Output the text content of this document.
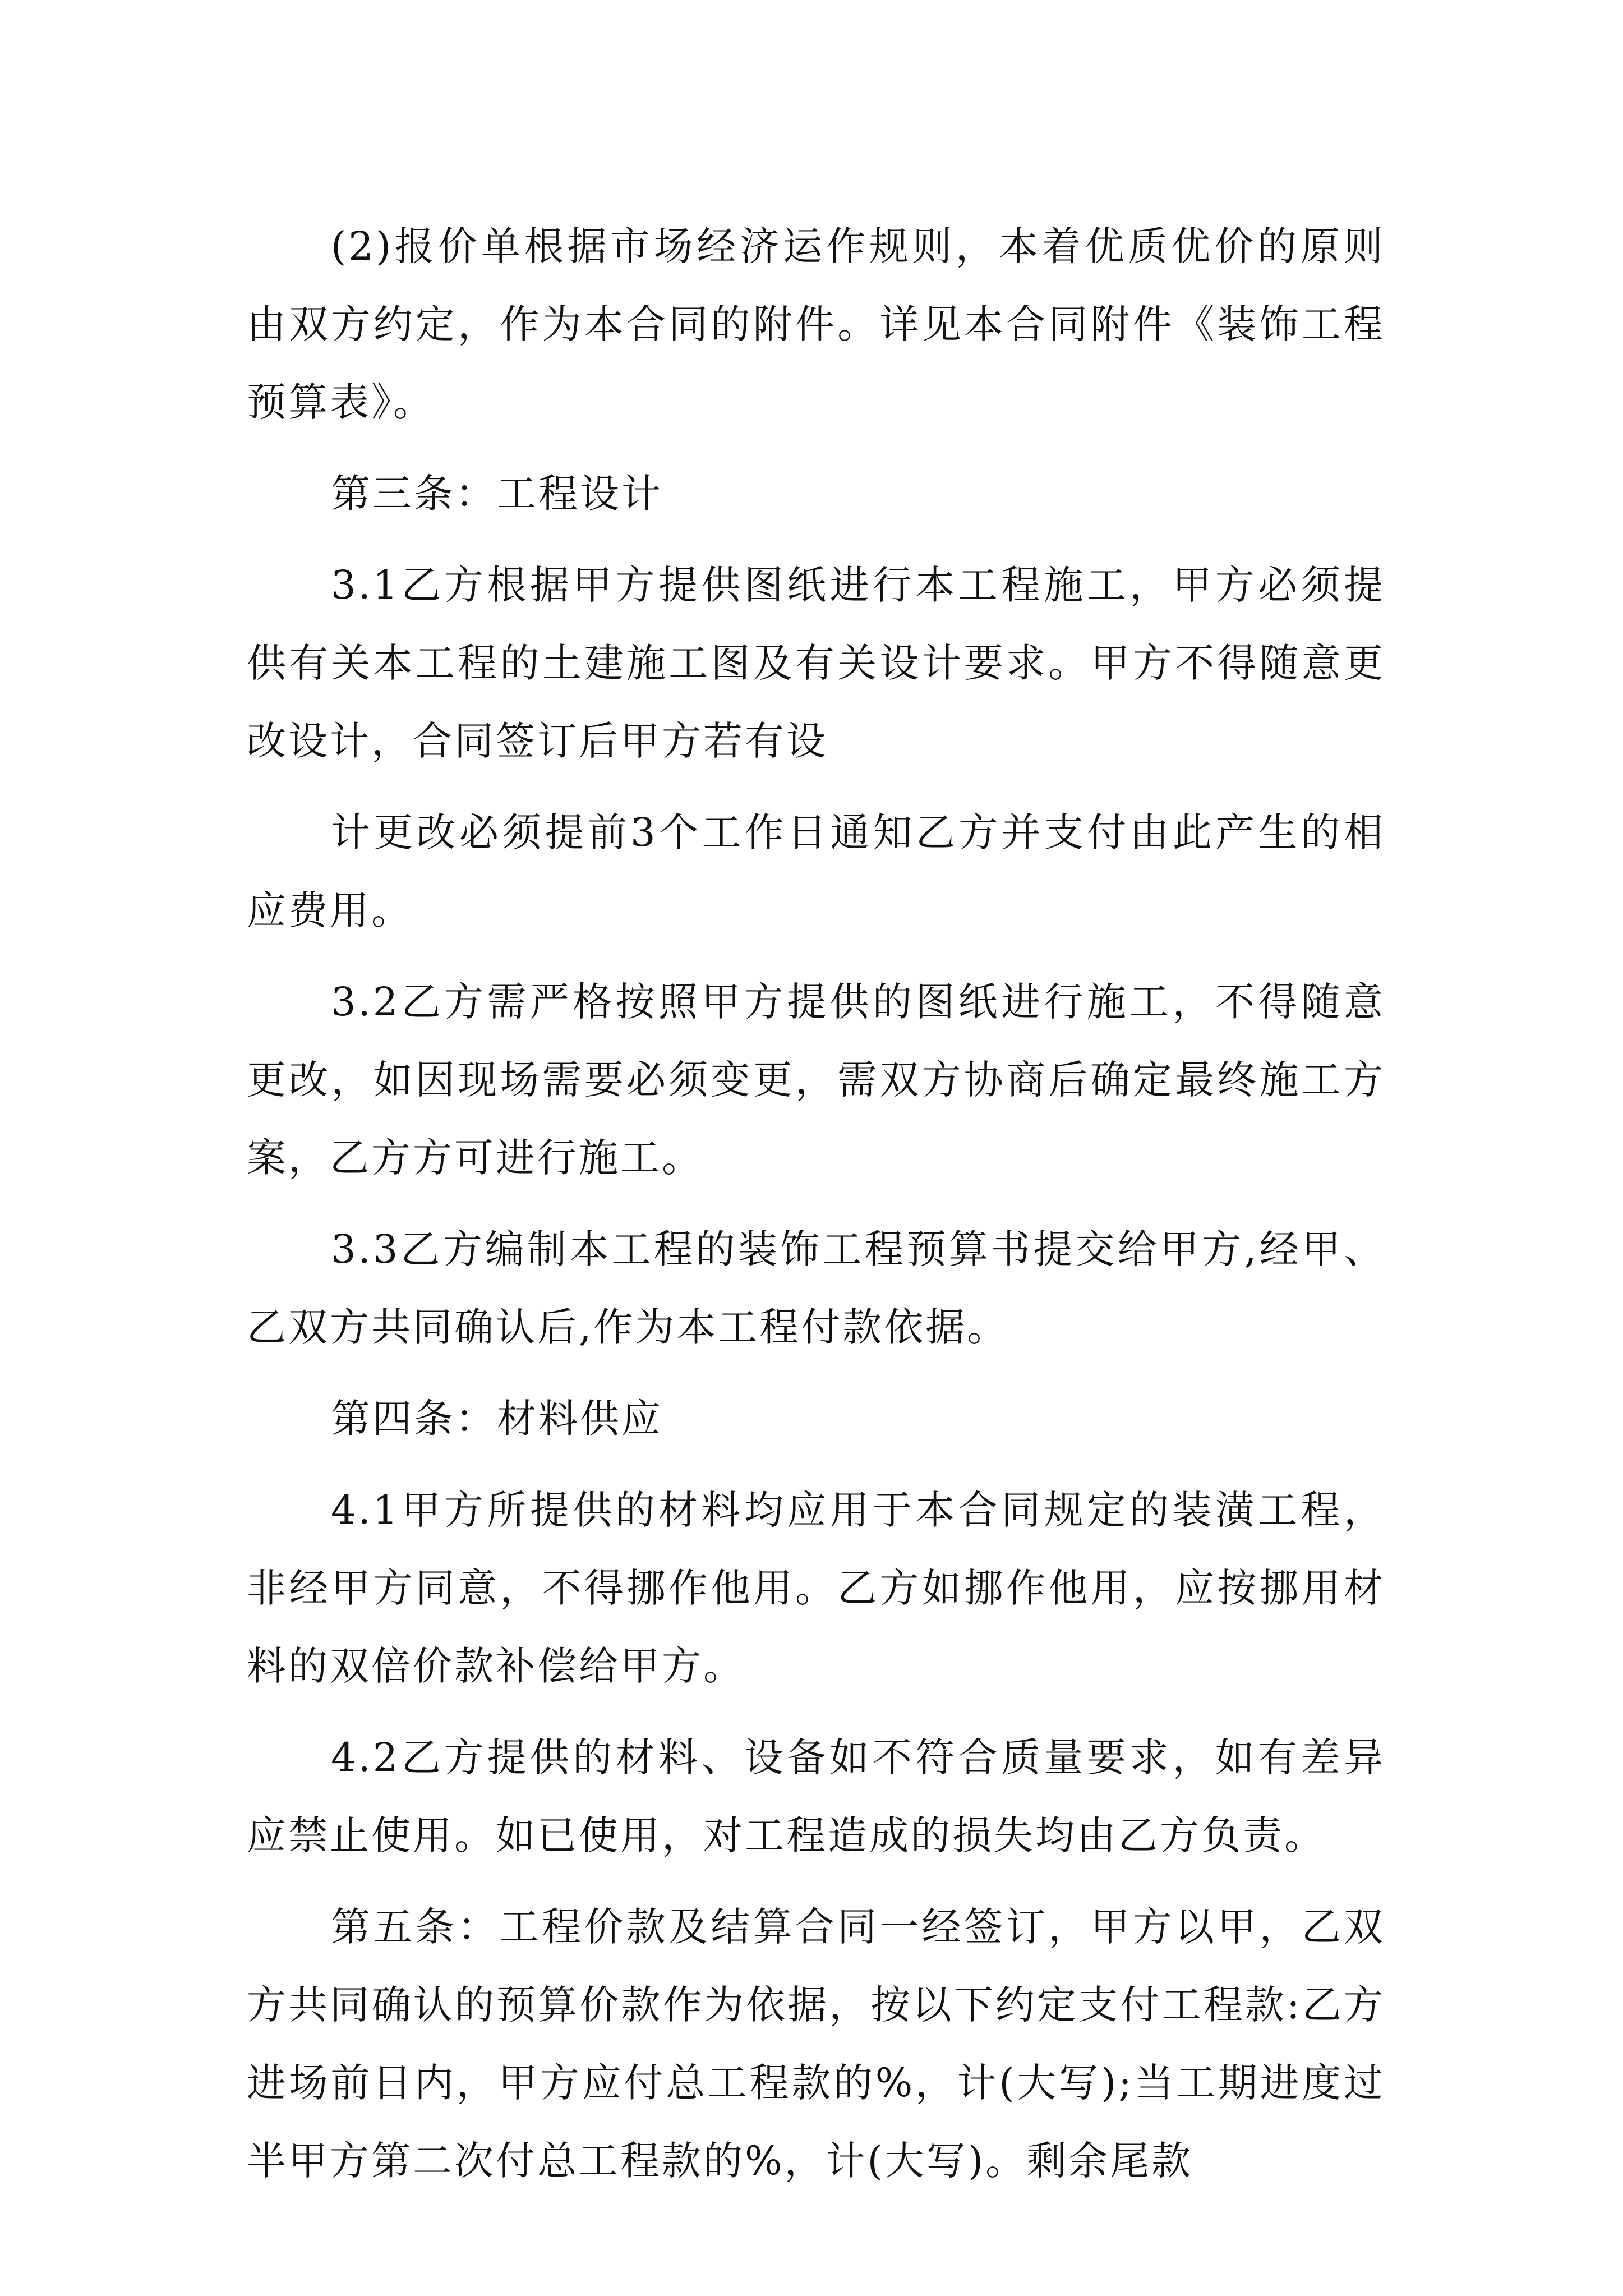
(2)报价单根据市场经济运作规则，本着优质优价的原则由双方约定，作为本合同的附件。详见本合同附件《装饰工程预算表》。

第三条：工程设计

3.1乙方根据甲方提供图纸进行本工程施工，甲方必须提供有关本工程的土建施工图及有关设计要求。甲方不得随意更改设计，合同签订后甲方若有设

计更改必须提前3个工作日通知乙方并支付由此产生的相应费用。

3.2乙方需严格按照甲方提供的图纸进行施工，不得随意更改，如因现场需要必须变更，需双方协商后确定最终施工方案，乙方方可进行施工。

3.3乙方编制本工程的装饰工程预算书提交给甲方,经甲、乙双方共同确认后,作为本工程付款依据。

第四条：材料供应

4.1甲方所提供的材料均应用于本合同规定的装潢工程，非经甲方同意，不得挪作他用。乙方如挪作他用，应按挪用材料的双倍价款补偿给甲方。

4.2乙方提供的材料、设备如不符合质量要求，如有差异应禁止使用。如已使用，对工程造成的损失均由乙方负责。

第五条：工程价款及结算合同一经签订，甲方以甲，乙双方共同确认的预算价款作为依据，按以下约定支付工程款:乙方进场前日内，甲方应付总工程款的%，计(大写);当工期进度过半甲方第二次付总工程款的%，计(大写)。剩余尾款
